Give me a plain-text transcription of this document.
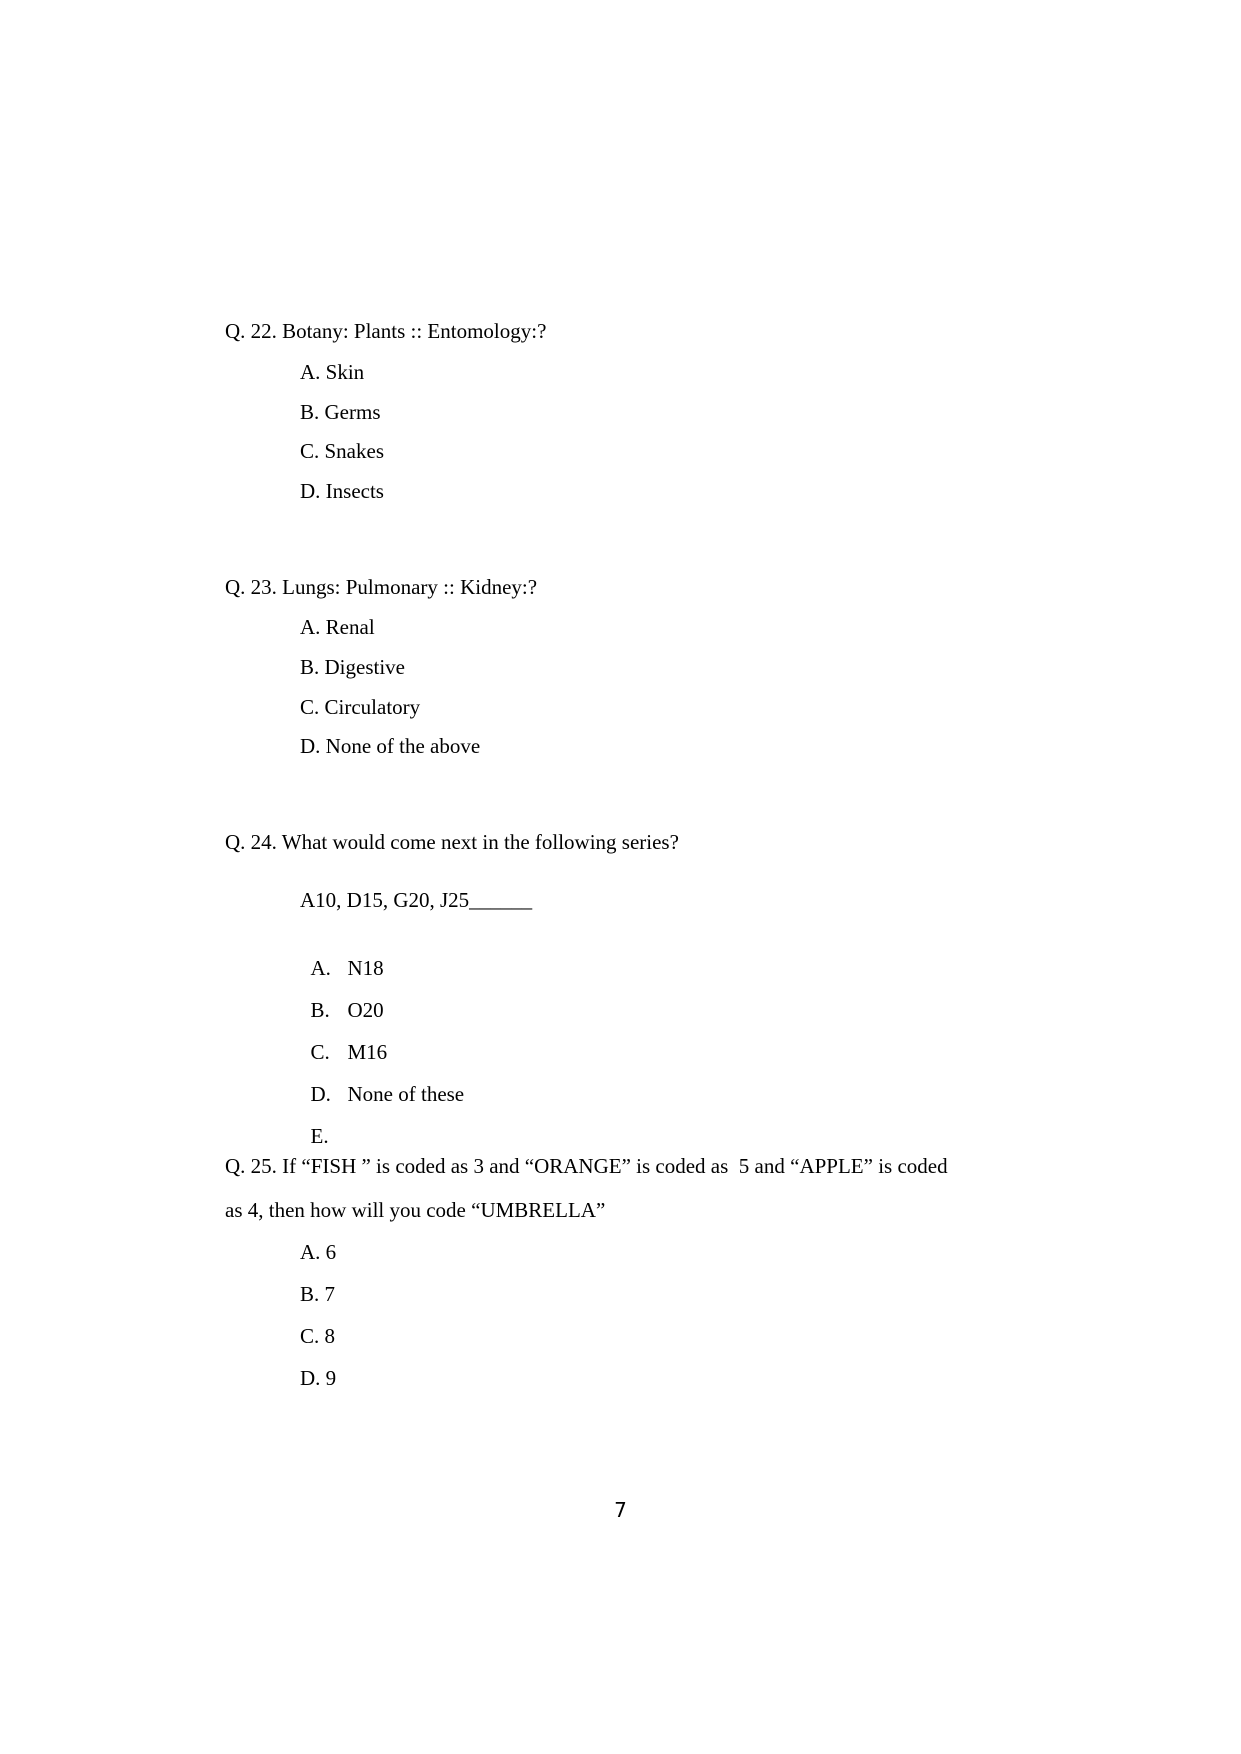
Q. 22. Botany: Plants :: Entomology:?
A. Skin
B. Germs
C. Snakes
D. Insects
Q. 23. Lungs: Pulmonary :: Kidney:?
A. Renal
B. Digestive
C. Circulatory
D. None of the above
Q. 24. What would come next in the following series?
A10, D15, G20, J25______

A. N18

B. O20

C. M16

D. None of these

E.

Q. 25. If “FISH ” is coded as 3 and “ORANGE” is coded as  5 and “APPLE” is coded
as 4, then how will you code “UMBRELLA”
A. 6
B. 7
C. 8
D. 9
7
